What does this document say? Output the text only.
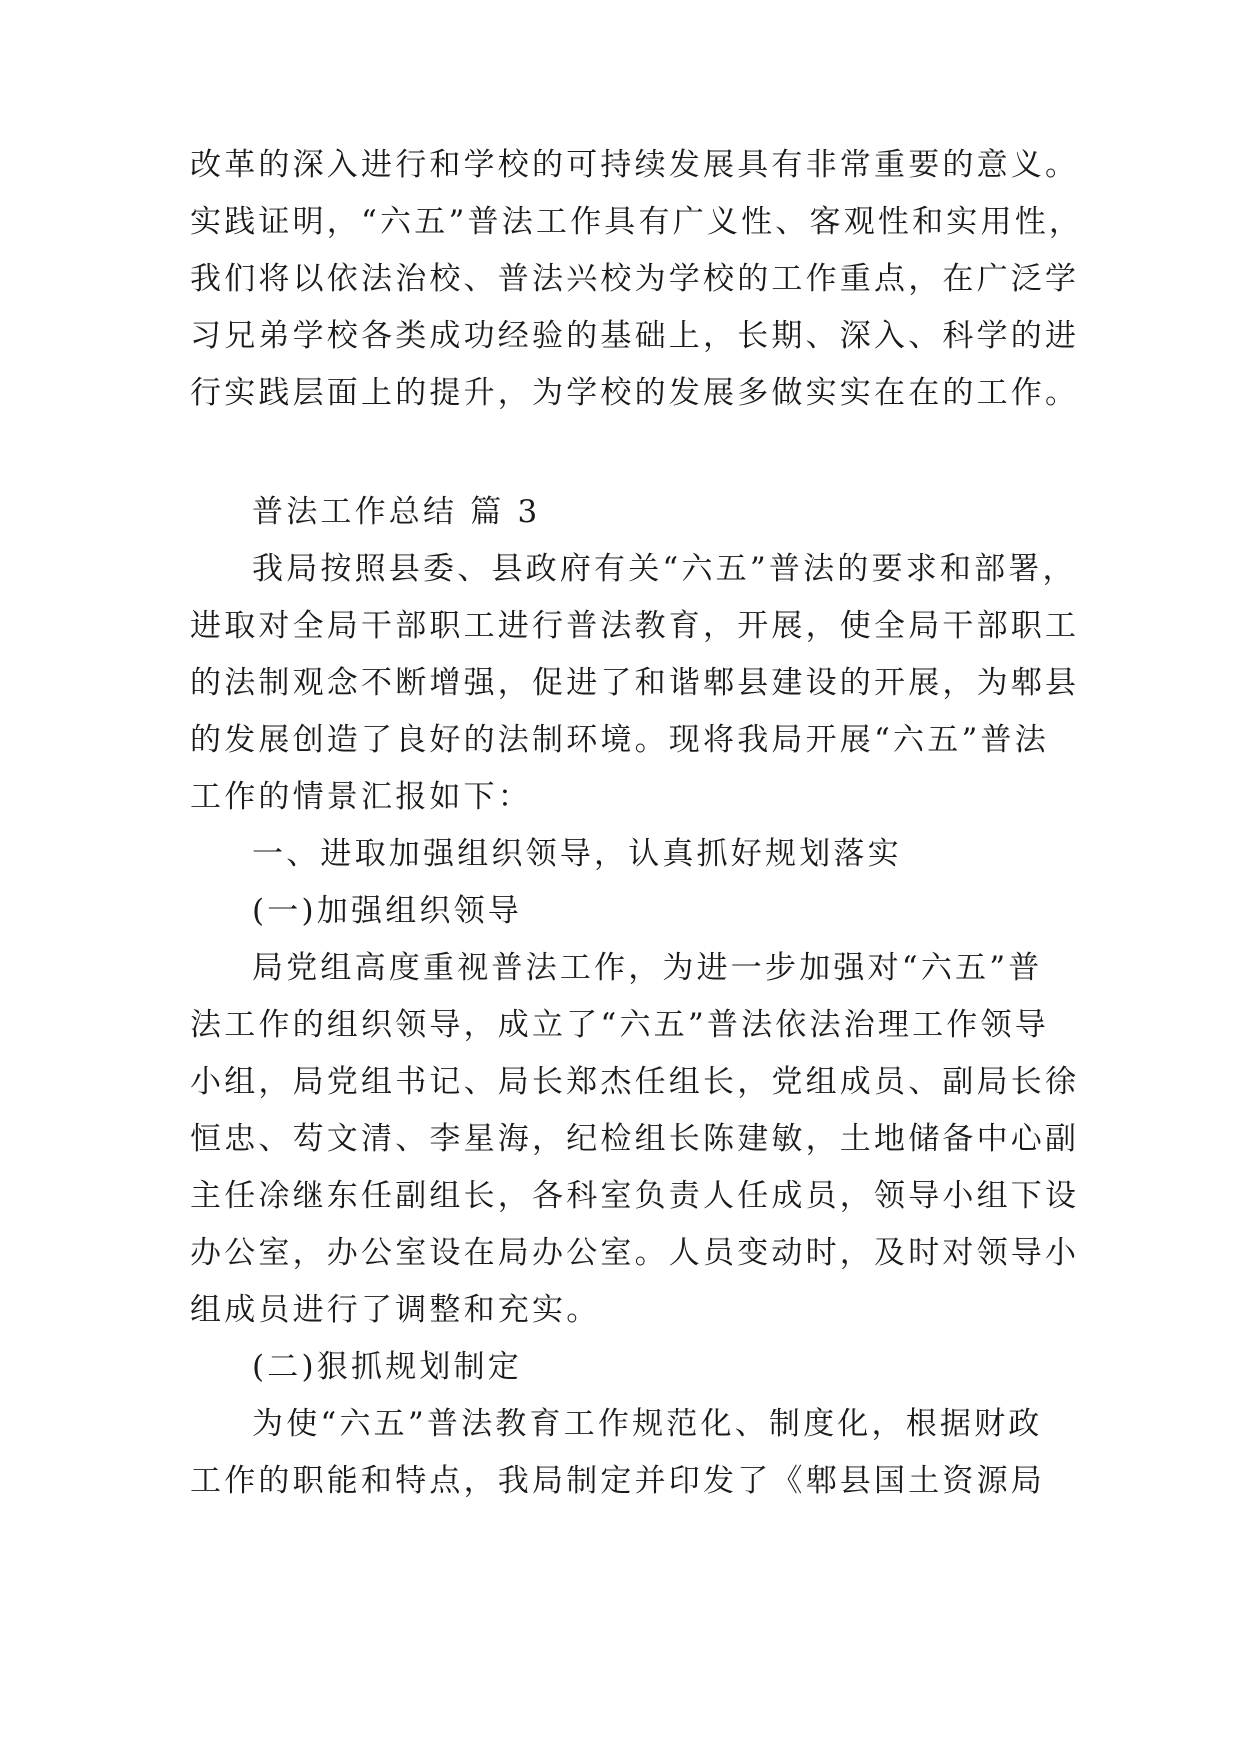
改革的深入进行和学校的可持续发展具有非常重要的意义。

实践证明，“六五”普法工作具有广义性、客观性和实用性，

我们将以依法治校、普法兴校为学校的工作重点，在广泛学

习兄弟学校各类成功经验的基础上，长期、深入、科学的进

行实践层面上的提升，为学校的发展多做实实在在的工作。

普法工作总结 篇 3

我局按照县委、县政府有关“六五”普法的要求和部署，

进取对全局干部职工进行普法教育，开展，使全局干部职工

的法制观念不断增强，促进了和谐郫县建设的开展，为郫县

的发展创造了良好的法制环境。现将我局开展“六五”普法

工作的情景汇报如下：

一、进取加强组织领导，认真抓好规划落实

(一)加强组织领导

局党组高度重视普法工作，为进一步加强对“六五”普

法工作的组织领导，成立了“六五”普法依法治理工作领导

小组，局党组书记、局长郑杰任组长，党组成员、副局长徐

恒忠、芶文清、李星海，纪检组长陈建敏，土地储备中心副

主任凃继东任副组长，各科室负责人任成员，领导小组下设

办公室，办公室设在局办公室。人员变动时，及时对领导小

组成员进行了调整和充实。

(二)狠抓规划制定

为使“六五”普法教育工作规范化、制度化，根据财政

工作的职能和特点，我局制定并印发了《郫县国土资源局
